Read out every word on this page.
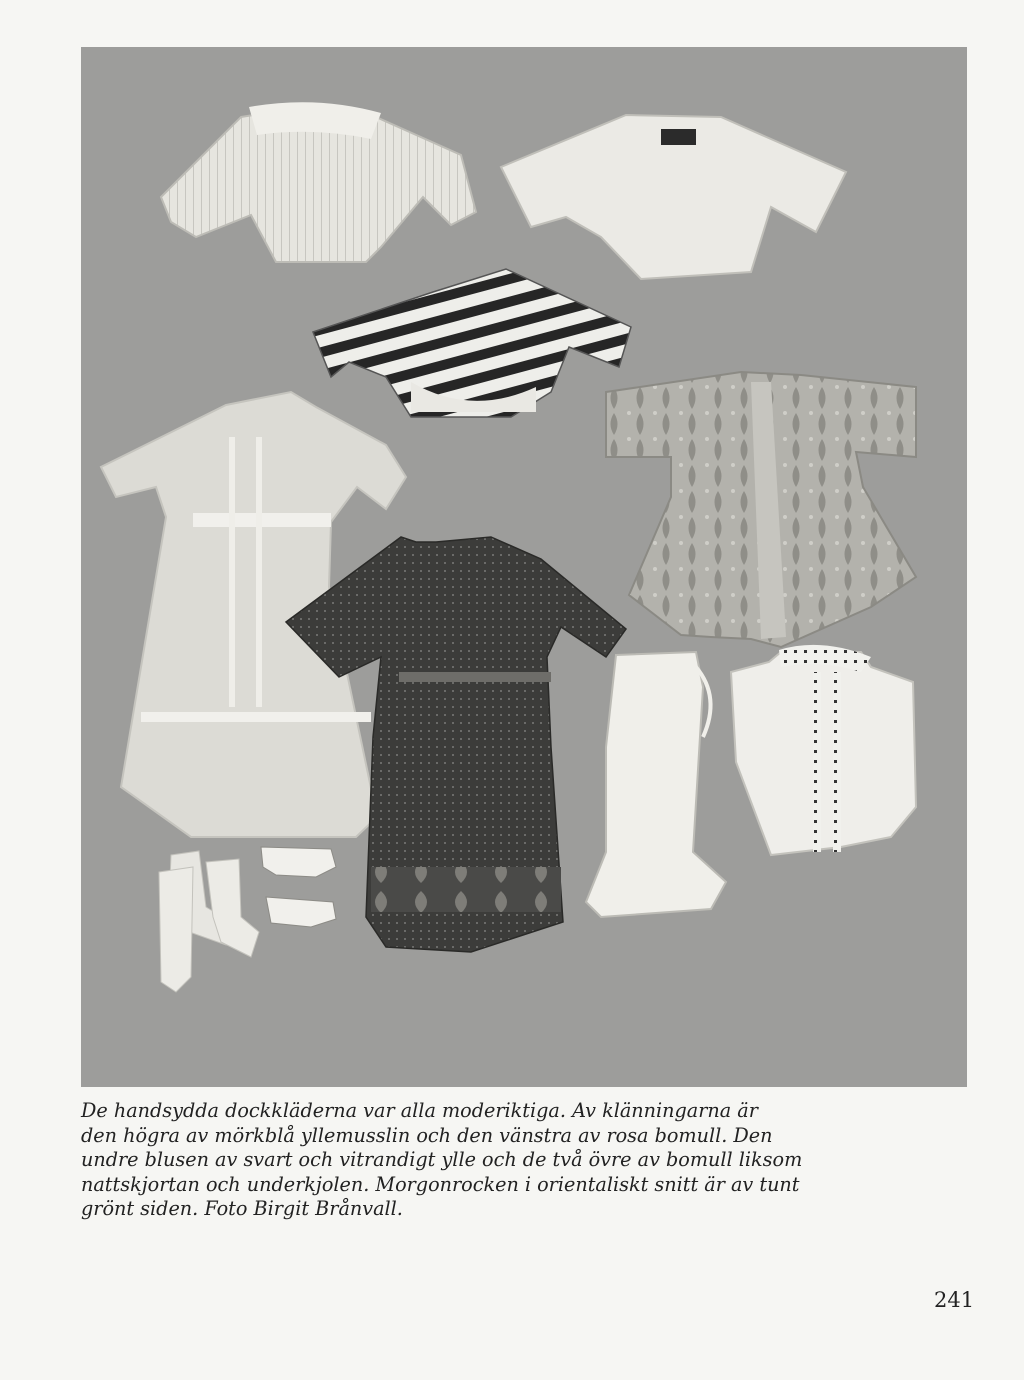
De handsydda dockkläderna var alla moderiktiga. Av klänningarna är
den högra av mörkblå yllemusslin och den vänstra av rosa bomull. Den
undre blusen av svart och vitrandigt ylle och de två övre av bomull liksom
nattskjortan och underkjolen. Morgonrocken i orientaliskt snitt är av tunt
grönt siden. Foto Birgit Brånvall.
241
